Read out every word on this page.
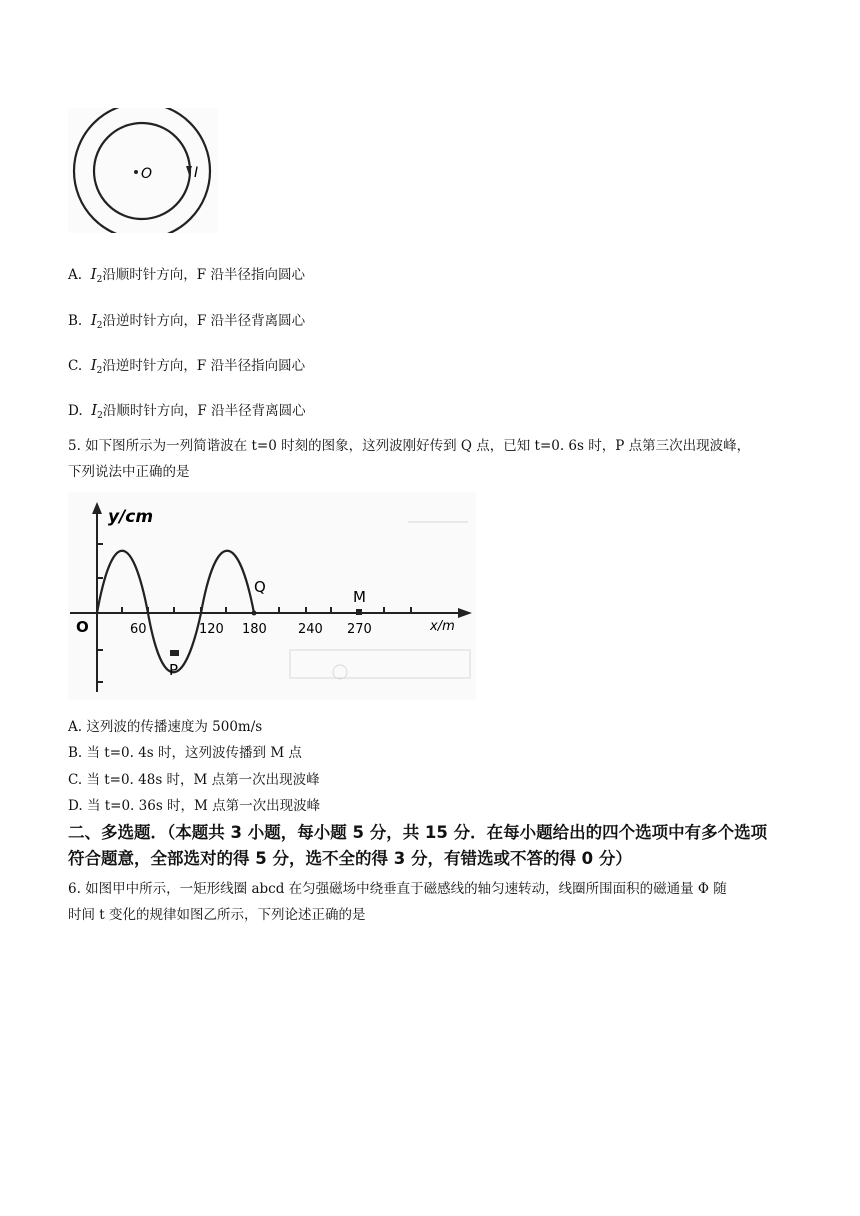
O	I
A. $I_2$沿顺时针方向，F 沿半径指向圆心
B. $I_2$沿逆时针方向，F 沿半径背离圆心
C. $I_2$沿逆时针方向，F 沿半径指向圆心
D. $I_2$沿顺时针方向，F 沿半径背离圆心
5. 如下图所示为一列简谐波在 t=0 时刻的图象，这列波刚好传到 Q 点，已知 t=0. 6s 时，P 点第三次出现波峰，
下列说法中正确的是
y/cm
O	60	120 180 240 270	x/m
Q
M
P
A. 这列波的传播速度为 500m/s
B. 当 t=0. 4s 时，这列波传播到 M 点
C. 当 t=0. 48s 时，M 点第一次出现波峰
D. 当 t=0. 36s 时，M 点第一次出现波峰
二、多选题．（本题共 3 小题，每小题 5 分，共 15 分．在每小题给出的四个选项中有多个选项
符合题意，全部选对的得 5 分，选不全的得 3 分，有错选或不答的得 0 分）
6. 如图甲中所示，一矩形线圈 abcd 在匀强磁场中绕垂直于磁感线的轴匀速转动，线圈所围面积的磁通量 Φ 随
时间 t 变化的规律如图乙所示，下列论述正确的是
